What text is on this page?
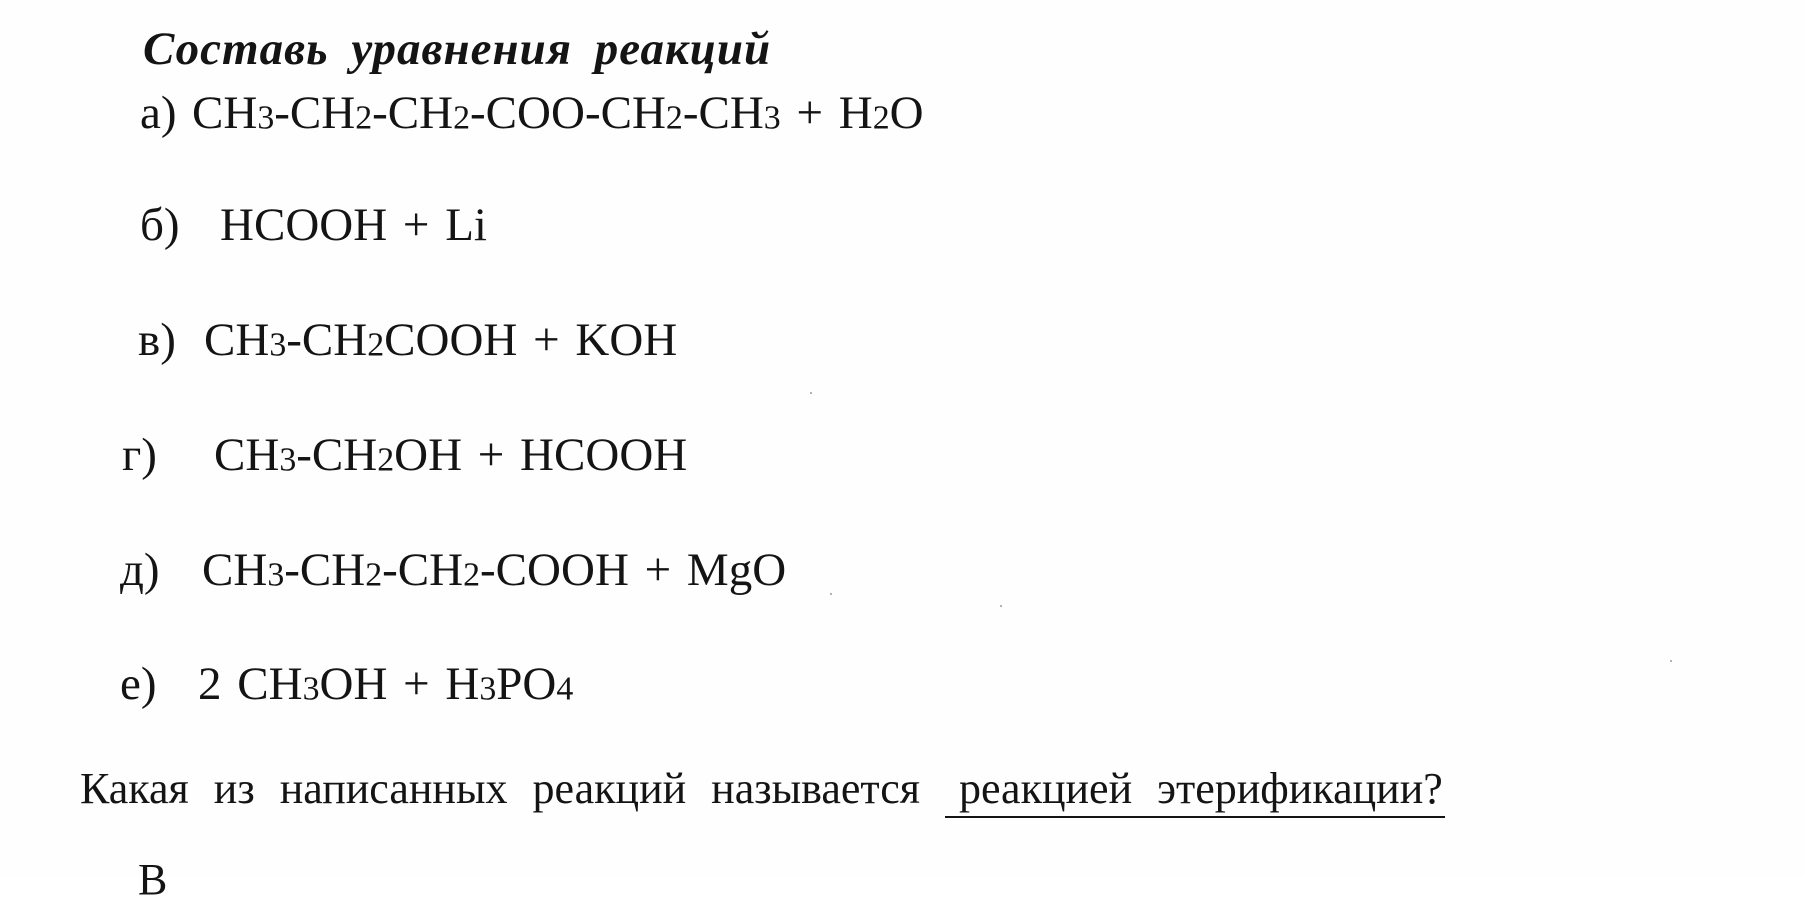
Составь уравнения реакций
а) CH3-CH2-CH2-COO-CH2-CH3 + H2O
б) HCOOH + Li
в) CH3-CH2COOH + KOH
г) CH3-CH2OH + HCOOH
д) CH3-CH2-CH2-COOH + MgO
е) 2 CH3OH + H3PO4
Какая из написанных реакций называется реакцией этерификации?
В
